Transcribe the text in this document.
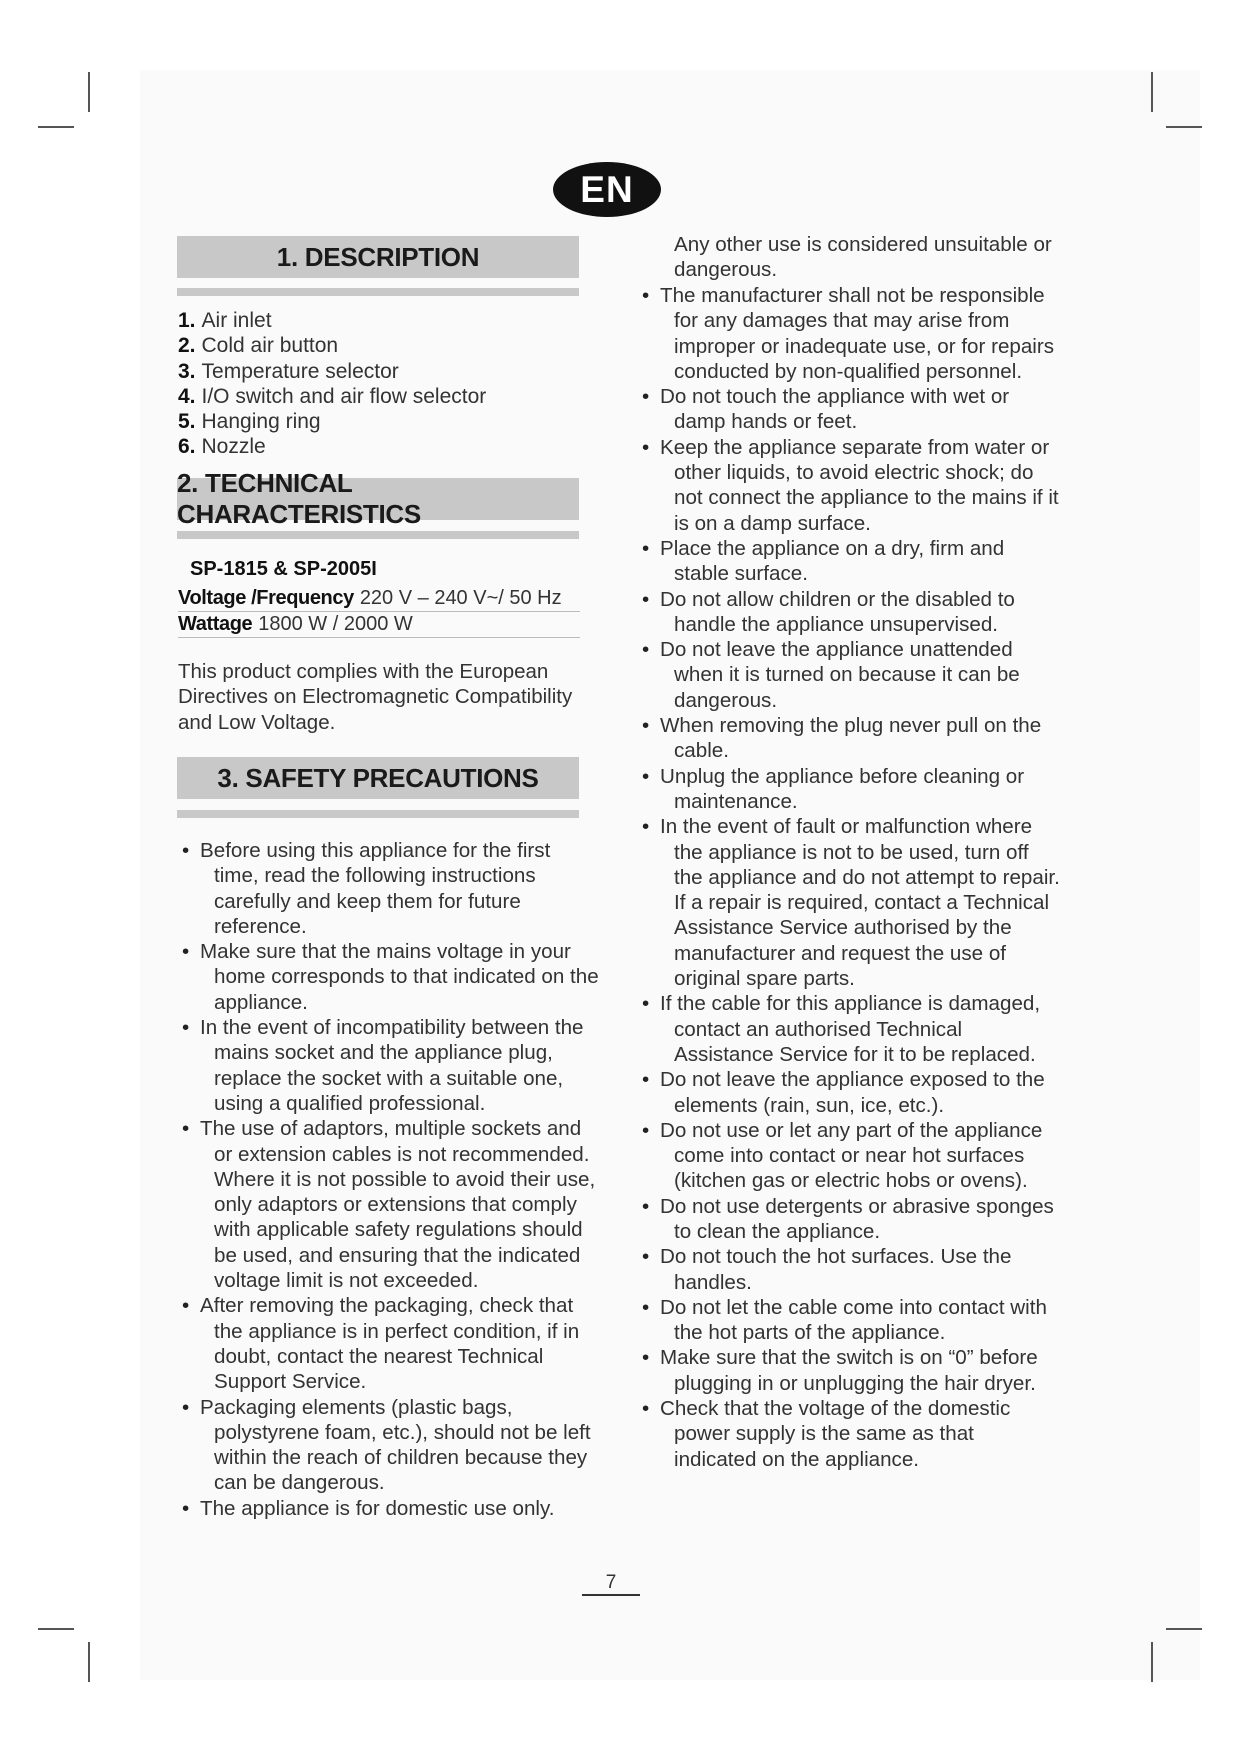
EN
1. DESCRIPTION
1. Air inlet
2. Cold air button
3. Temperature selector
4. I/O switch and air flow selector
5. Hanging ring
6. Nozzle
2. TECHNICAL CHARACTERISTICS
SP-1815 & SP-2005I
Voltage /Frequency 220 V – 240 V~/ 50 Hz
Wattage 1800 W / 2000 W

This product complies with the European Directives on Electromagnetic Compatibility and Low Voltage.

3. SAFETY PRECAUTIONS
• Before using this appliance for the first time, read the following instructions carefully and keep them for future reference.
• Make sure that the mains voltage in your home corresponds to that indicated on the appliance.
• In the event of incompatibility between the mains socket and the appliance plug, replace the socket with a suitable one, using a qualified professional.
• The use of adaptors, multiple sockets and or extension cables is not recommended. Where it is not possible to avoid their use, only adaptors or extensions that comply with applicable safety regulations should be used, and ensuring that the indicated voltage limit is not exceeded.
• After removing the packaging, check that the appliance is in perfect condition, if in doubt, contact the nearest Technical Support Service.
• Packaging elements (plastic bags, polystyrene foam, etc.), should not be left within the reach of children because they can be dangerous.
• The appliance is for domestic use only.

Any other use is considered unsuitable or dangerous.

• The manufacturer shall not be responsible for any damages that may arise from improper or inadequate use, or for repairs conducted by non-qualified personnel.
• Do not touch the appliance with wet or damp hands or feet.
• Keep the appliance separate from water or other liquids, to avoid electric shock; do not connect the appliance to the mains if it is on a damp surface.
• Place the appliance on a dry, firm and stable surface.
• Do not allow children or the disabled to handle the appliance unsupervised.
• Do not leave the appliance unattended when it is turned on because it can be dangerous.
• When removing the plug never pull on the cable.
• Unplug the appliance before cleaning or maintenance.
• In the event of fault or malfunction where the appliance is not to be used, turn off the appliance and do not attempt to repair. If a repair is required, contact a Technical Assistance Service authorised by the manufacturer and request the use of original spare parts.
• If the cable for this appliance is damaged, contact an authorised Technical Assistance Service for it to be replaced.
• Do not leave the appliance exposed to the elements (rain, sun, ice, etc.).
• Do not use or let any part of the appliance come into contact or near hot surfaces (kitchen gas or electric hobs or ovens).
• Do not use detergents or abrasive sponges to clean the appliance.
• Do not touch the hot surfaces. Use the handles.
• Do not let the cable come into contact with the hot parts of the appliance.
• Make sure that the switch is on “0” before plugging in or unplugging the hair dryer.
• Check that the voltage of the domestic power supply is the same as that indicated on the appliance.
7
